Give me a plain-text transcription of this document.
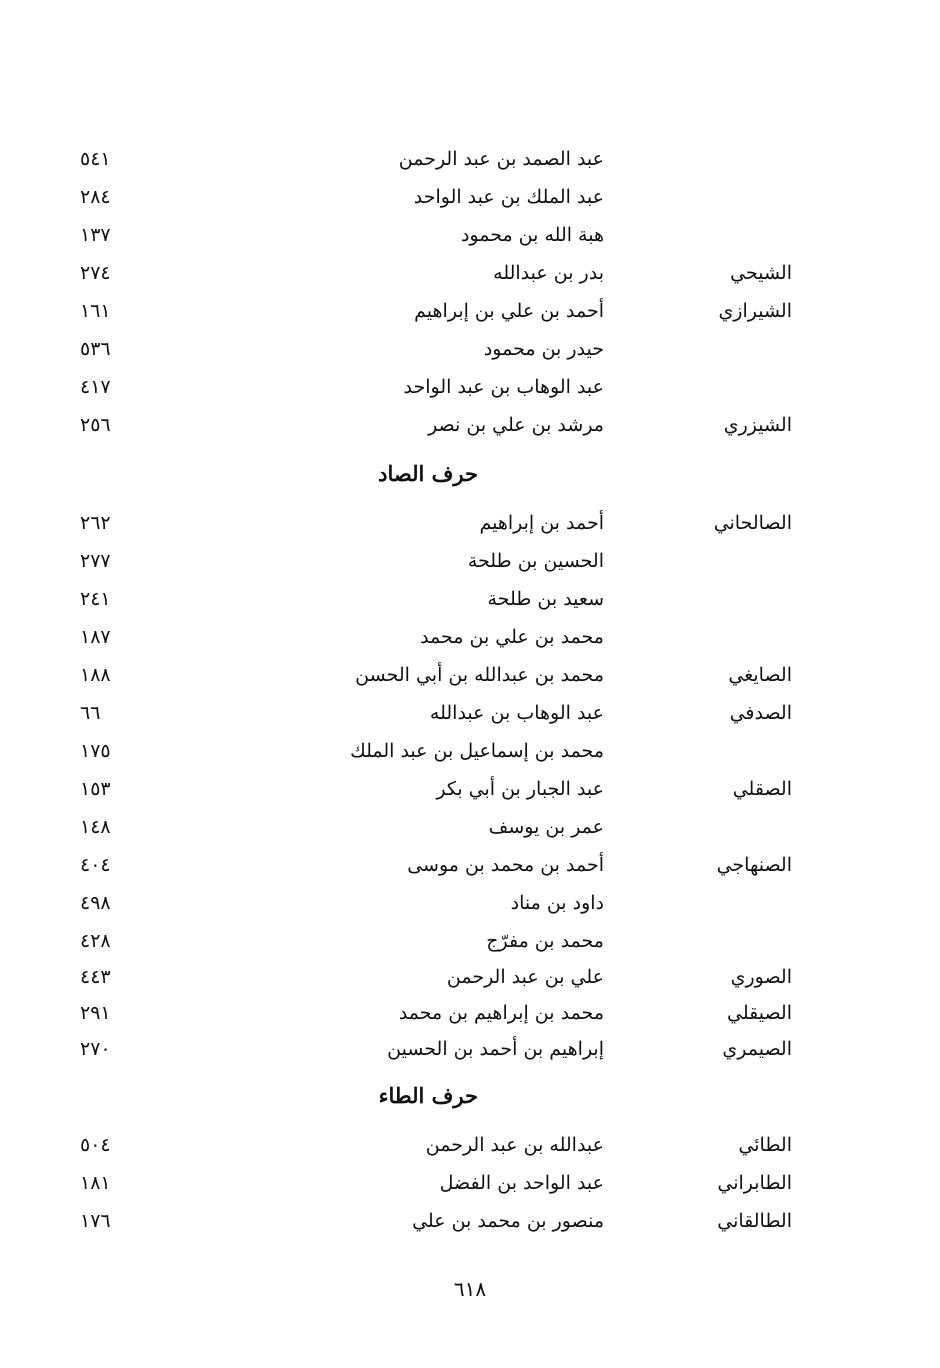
عبد الصمد بن عبد الرحمن
٥٤١
عبد الملك بن عبد الواحد
٢٨٤
هبة الله بن محمود
١٣٧
الشيحي
بدر بن عبدالله
٢٧٤
الشيرازي
أحمد بن علي بن إبراهيم
١٦١
حيدر بن محمود
٥٣٦
عبد الوهاب بن عبد الواحد
٤١٧
الشيزري
مرشد بن علي بن نصر
٢٥٦
حرف الصاد
الصالحاني
أحمد بن إبراهيم
٢٦٢
الحسين بن طلحة
٢٧٧
سعيد بن طلحة
٢٤١
محمد بن علي بن محمد
١٨٧
الصايغي
محمد بن عبدالله بن أبي الحسن
١٨٨
الصدفي
عبد الوهاب بن عبدالله
٦٦
محمد بن إسماعيل بن عبد الملك
١٧٥
الصقلي
عبد الجبار بن أبي بكر
١٥٣
عمر بن يوسف
١٤٨
الصنهاجي
أحمد بن محمد بن موسى
٤٠٤
داود بن مناد
٤٩٨
محمد بن مفرّج
٤٢٨
الصوري
علي بن عبد الرحمن
٤٤٣
الصيقلي
محمد بن إبراهيم بن محمد
٢٩١
الصيمري
إبراهيم بن أحمد بن الحسين
٢٧٠
حرف الطاء
الطائي
عبدالله بن عبد الرحمن
٥٠٤
الطابراني
عبد الواحد بن الفضل
١٨١
الطالقاني
منصور بن محمد بن علي
١٧٦
٦١٨
